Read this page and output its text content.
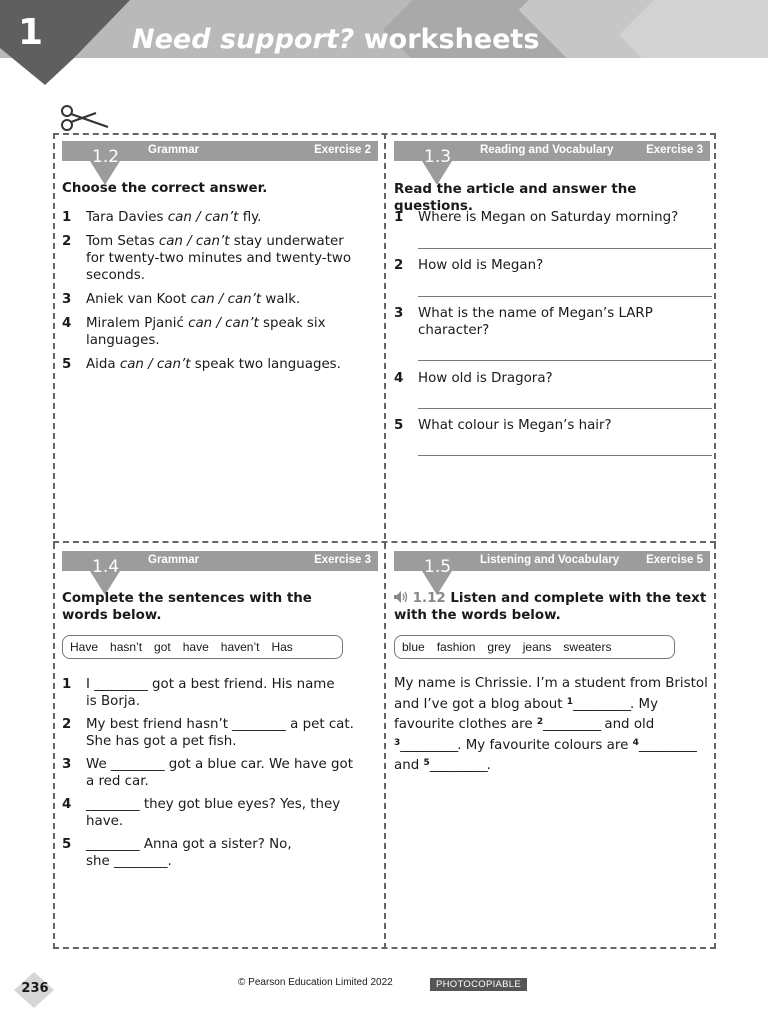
1	Need support? worksheets
1.2	Grammar	Exercise 2
Choose the correct answer.
1 Tara Davies can / can’t fly.
2 Tom Setas can / can’t stay underwater for twenty-two minutes and twenty-two seconds.
3 Aniek van Koot can / can’t walk.
4 Miralem Pjanić can / can’t speak six languages.
5 Aida can / can’t speak two languages.
1.3	Reading and Vocabulary	Exercise 3
Read the article and answer the questions.
1 Where is Megan on Saturday morning?
2 How old is Megan?
3 What is the name of Megan’s LARP character?
4 How old is Dragora?
5 What colour is Megan’s hair?
1.4	Grammar	Exercise 3
Complete the sentences with the words below.
Have hasn’t got have haven’t Has
1 I ________ got a best friend. His name is Borja.
2 My best friend hasn’t ________ a pet cat. She has got a pet fish.
3 We ________ got a blue car. We have got a red car.
4 ________ they got blue eyes? Yes, they have.
5 ________ Anna got a sister? No, she ________.
1.5	Listening and Vocabulary Exercise 5
1.12 Listen and complete with the text with the words below.
blue fashion grey jeans sweaters
My name is Chrissie. I’m a student from Bristol and I’ve got a blog about $^1$__________. My favourite clothes are $^2$__________ and old $^3$__________. My favourite colours are $^4$__________ and $^5$__________.
236	© Pearson Education Limited 2022	PHOTOCOPIABLE
